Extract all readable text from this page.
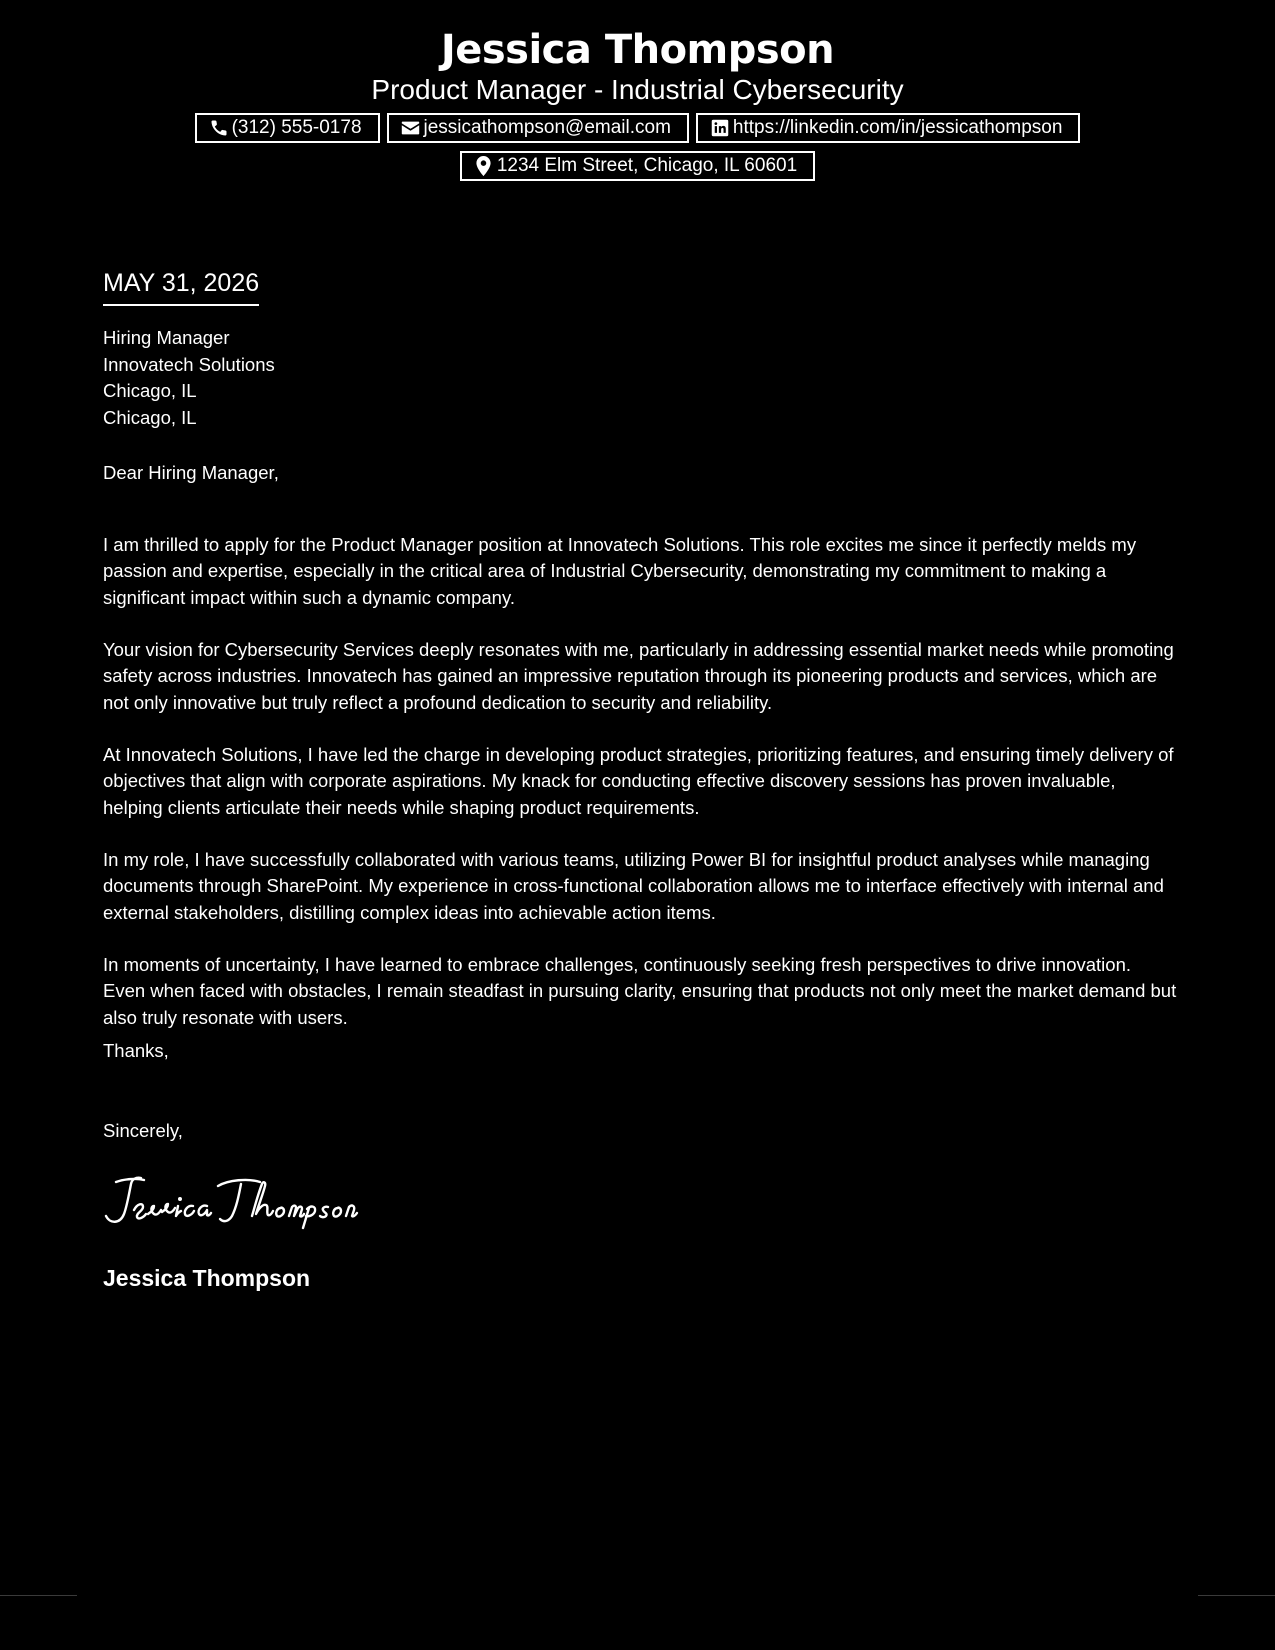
Jessica Thompson
Product Manager - Industrial Cybersecurity
(312) 555-0178	jessicathompson@email.com	https://linkedin.com/in/jessicathompson
1234 Elm Street, Chicago, IL 60601
MAY 31, 2026
Hiring Manager
Innovatech Solutions
Chicago, IL
Chicago, IL
Dear Hiring Manager,

I am thrilled to apply for the Product Manager position at Innovatech Solutions. This role excites me since it perfectly melds my passion and expertise, especially in the critical area of Industrial Cybersecurity, demonstrating my commitment to making a significant impact within such a dynamic company.

Your vision for Cybersecurity Services deeply resonates with me, particularly in addressing essential market needs while promoting safety across industries. Innovatech has gained an impressive reputation through its pioneering products and services, which are not only innovative but truly reflect a profound dedication to security and reliability.

At Innovatech Solutions, I have led the charge in developing product strategies, prioritizing features, and ensuring timely delivery of objectives that align with corporate aspirations. My knack for conducting effective discovery sessions has proven invaluable, helping clients articulate their needs while shaping product requirements.

In my role, I have successfully collaborated with various teams, utilizing Power BI for insightful product analyses while managing documents through SharePoint. My experience in cross-functional collaboration allows me to interface effectively with internal and external stakeholders, distilling complex ideas into achievable action items.

In moments of uncertainty, I have learned to embrace challenges, continuously seeking fresh perspectives to drive innovation. Even when faced with obstacles, I remain steadfast in pursuing clarity, ensuring that products not only meet the market demand but also truly resonate with users.

Thanks,
Sincerely,
Jessica Thompson
